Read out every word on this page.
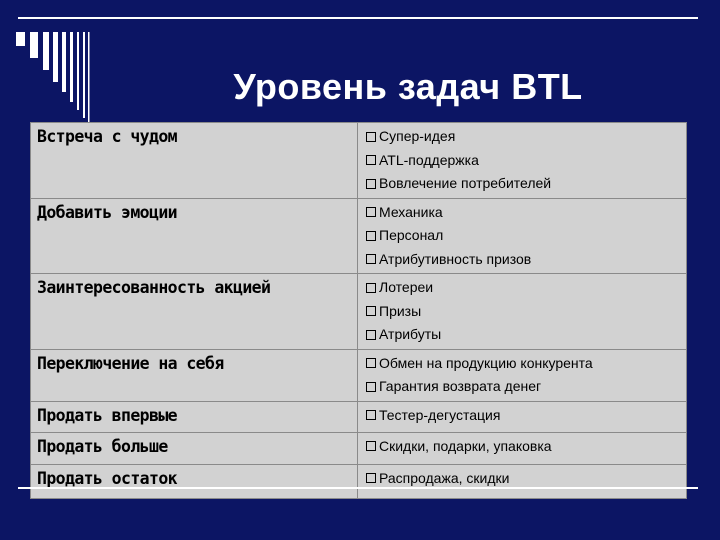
Уровень задач BTL
Встреча с чудом	Супер-идея
ATL-поддержка
Вовлечение потребителей

Добавить эмоции	Механика
Персонал
Атрибутивность призов

Заинтересованность акцией	Лотереи
Призы
Атрибуты

Переключение на себя	Обмен на продукцию конкурента
Гарантия возврата денег

Продать впервые	Тестер-дегустация

Продать больше	Скидки, подарки, упаковка

Продать остаток	Распродажа, скидки
